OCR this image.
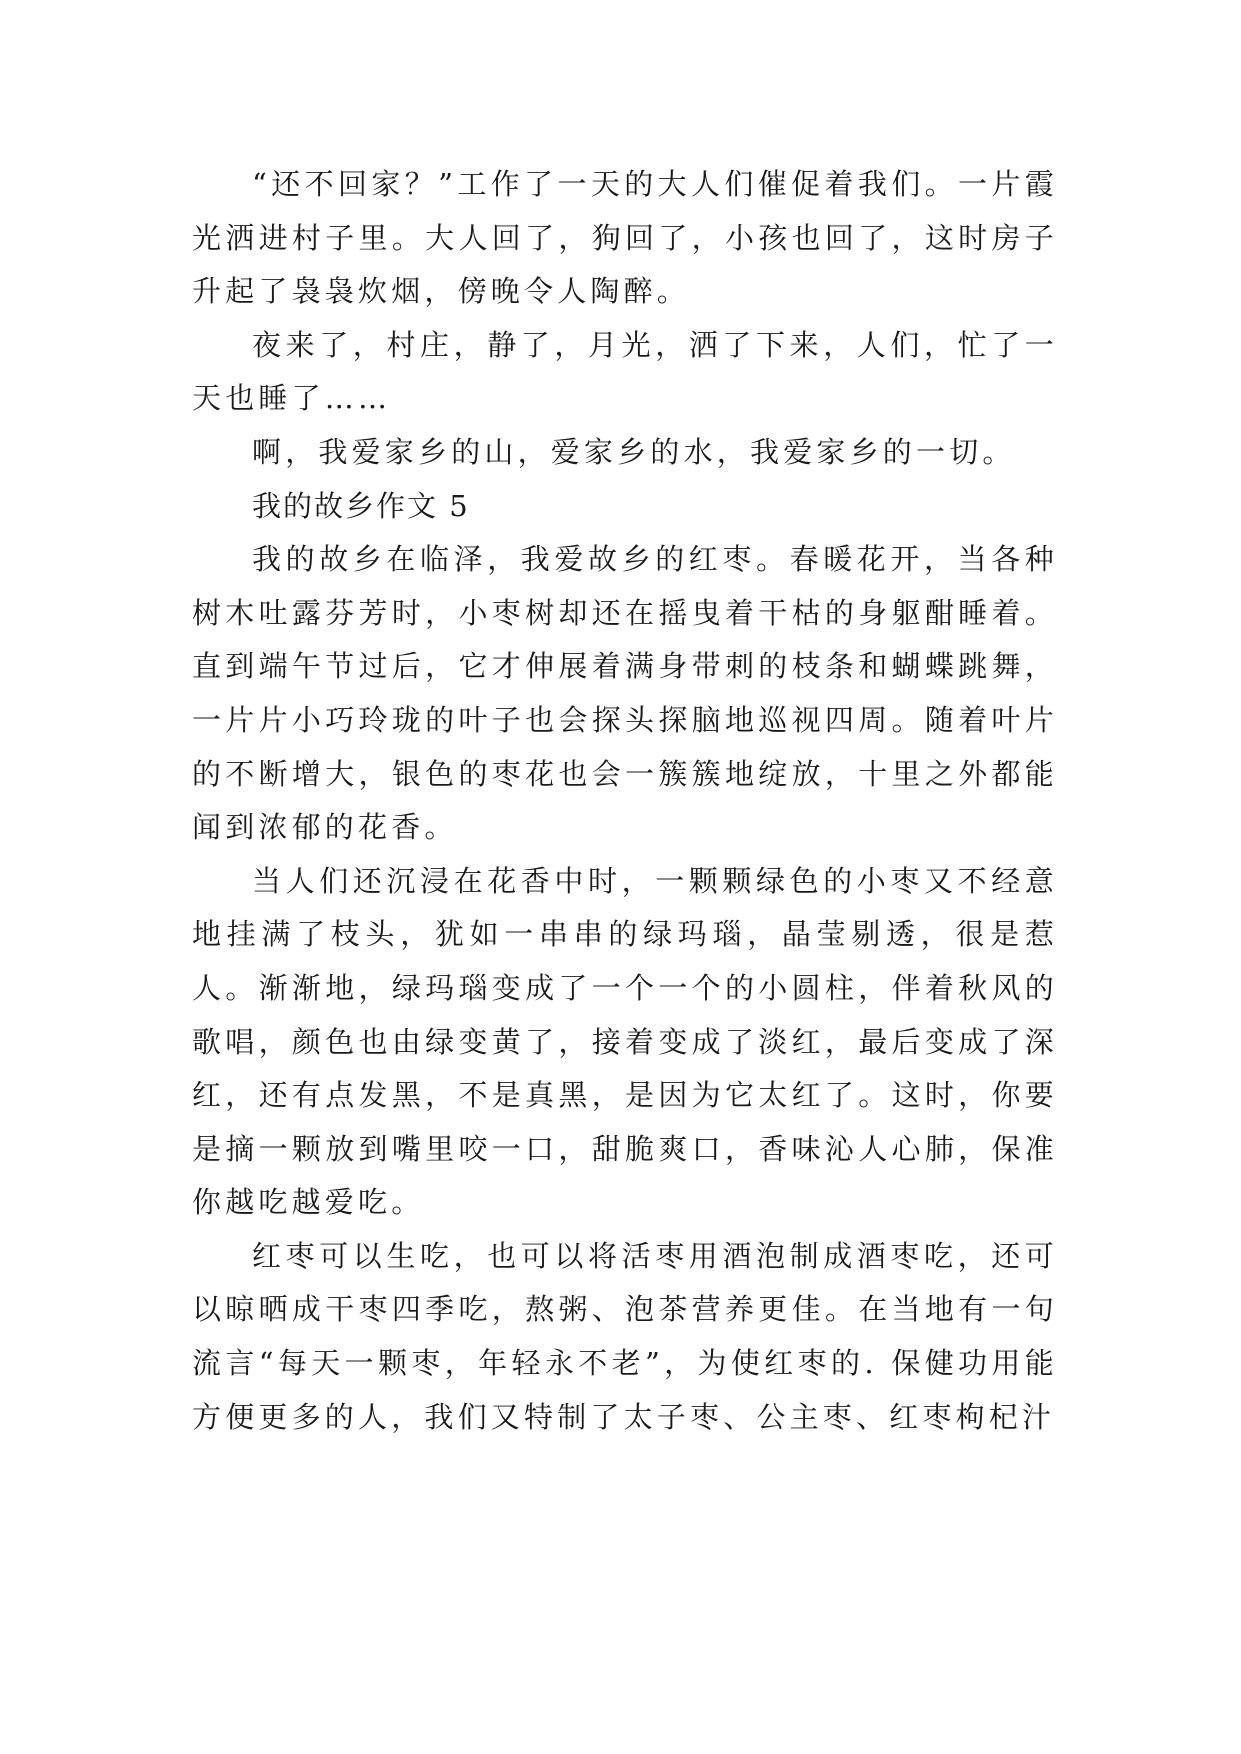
“还不回家？”工作了一天的大人们催促着我们。一片霞光洒进村子里。大人回了，狗回了，小孩也回了，这时房子升起了袅袅炊烟，傍晚令人陶醉。

夜来了，村庄，静了，月光，洒了下来，人们，忙了一天也睡了……

啊，我爱家乡的山，爱家乡的水，我爱家乡的一切。

我的故乡作文 5

我的故乡在临泽，我爱故乡的红枣。春暖花开，当各种树木吐露芬芳时，小枣树却还在摇曳着干枯的身躯酣睡着。直到端午节过后，它才伸展着满身带刺的枝条和蝴蝶跳舞，一片片小巧玲珑的叶子也会探头探脑地巡视四周。随着叶片的不断增大，银色的枣花也会一簇簇地绽放，十里之外都能闻到浓郁的花香。

当人们还沉浸在花香中时，一颗颗绿色的小枣又不经意地挂满了枝头，犹如一串串的绿玛瑙，晶莹剔透，很是惹人。渐渐地，绿玛瑙变成了一个一个的小圆柱，伴着秋风的歌唱，颜色也由绿变黄了，接着变成了淡红，最后变成了深红，还有点发黑，不是真黑，是因为它太红了。这时，你要是摘一颗放到嘴里咬一口，甜脆爽口，香味沁人心肺，保准你越吃越爱吃。

红枣可以生吃，也可以将活枣用酒泡制成酒枣吃，还可以晾晒成干枣四季吃，熬粥、泡茶营养更佳。在当地有一句流言“每天一颗枣，年轻永不老”，为使红枣的. 保健功用能方便更多的人，我们又特制了太子枣、公主枣、红枣枸杞汁
